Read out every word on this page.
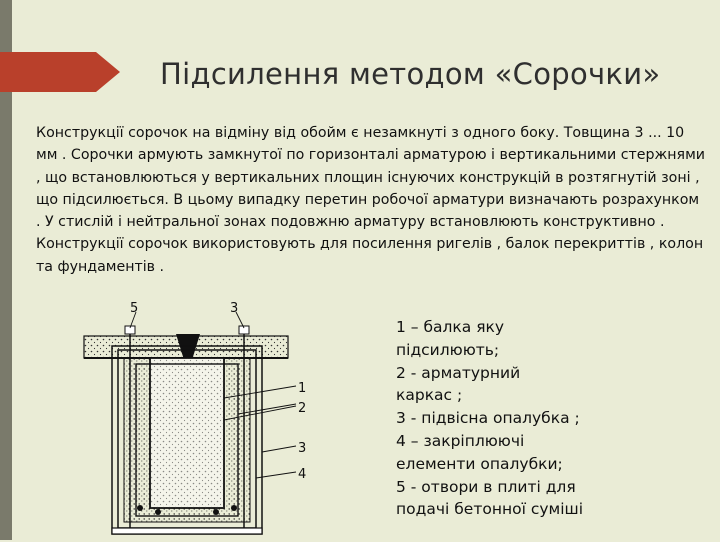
Підсилення методом «Сорочки»
Конструкції сорочок на відміну від обойм є незамкнуті з одного боку. Товщина 3 ... 10 мм . Сорочки армують замкнутої по горизонталі арматурою і вертикальними стержнями , що встановлюються у вертикальних площин існуючих конструкцій в розтягнутій зоні , що підсилюється. В цьому випадку перетин робочої арматури визначають розрахунком . У стислій і нейтральної зонах подовжню арматуру встановлюють конструктивно . Конструкції сорочок використовують для посилення ригелів , балок перекриттів , колон та фундаментів .
5	3
1
2
3
4
1 – балка яку
підсилюють;
2 - арматурний
каркас ;
3 - підвісна опалубка ;
4 – закріплюючі
елементи опалубки;
5 - отвори в плиті для
подачі бетонної суміші
